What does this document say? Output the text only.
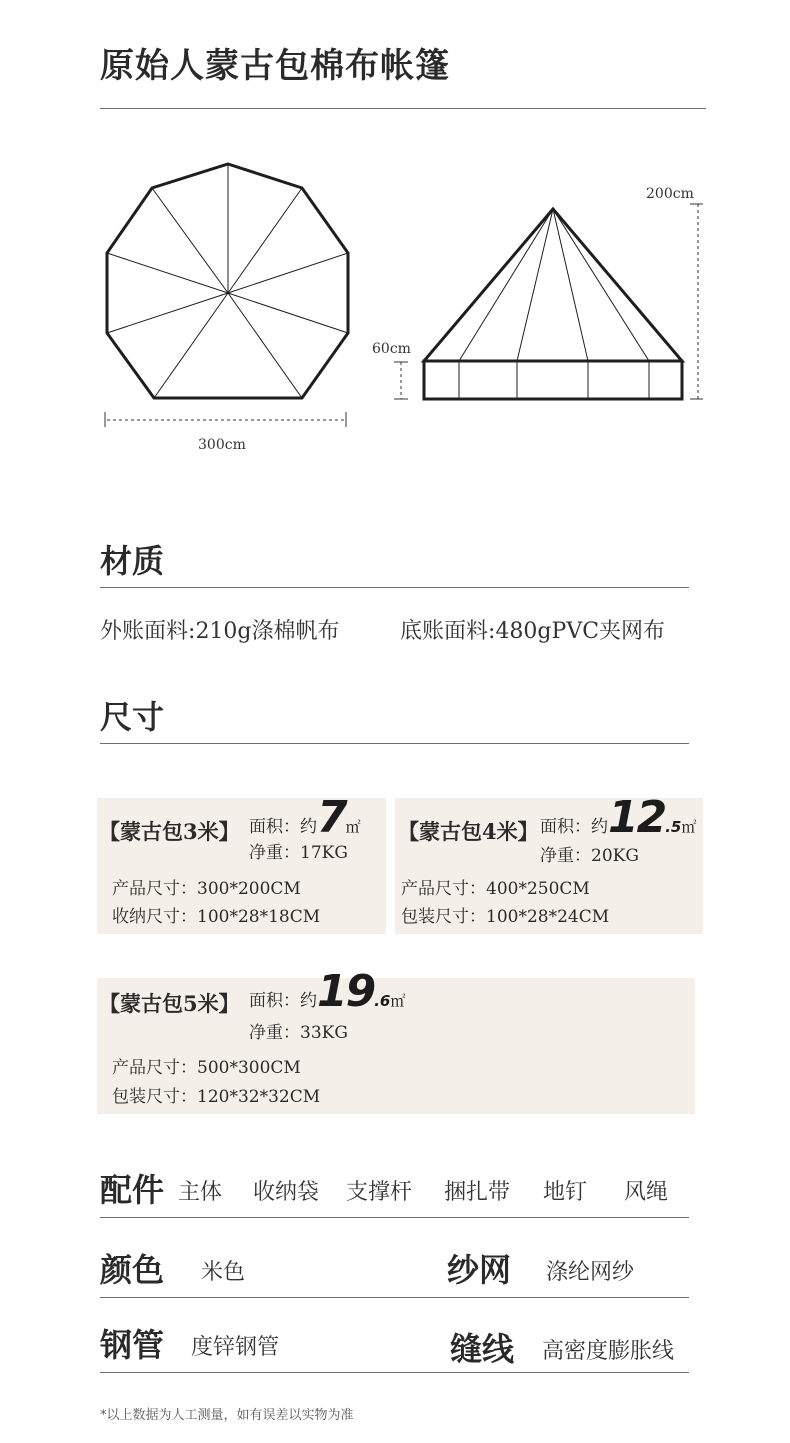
原始人蒙古包棉布帐篷
300cm
200cm
60cm
材质
外账面料:210g涤棉帆布	底账面料:480gPVC夹网布
尺寸
【蒙古包3米】 面积：约 7 ㎡
净重：17KG
产品尺寸：300*200CM
收纳尺寸：100*28*18CM
【蒙古包4米】 面积：约 12 .5 ㎡
净重：20KG
产品尺寸：400*250CM
包装尺寸：100*28*24CM
【蒙古包5米】 面积：约 19 .6 ㎡
净重：33KG
产品尺寸：500*300CM
包装尺寸：120*32*32CM
配件 主体 收纳袋 支撑杆 捆扎带 地钉 风绳
颜色 米色	纱网 涤纶网纱
钢管 度锌钢管	缝线 高密度膨胀线
*以上数据为人工测量，如有误差以实物为准
